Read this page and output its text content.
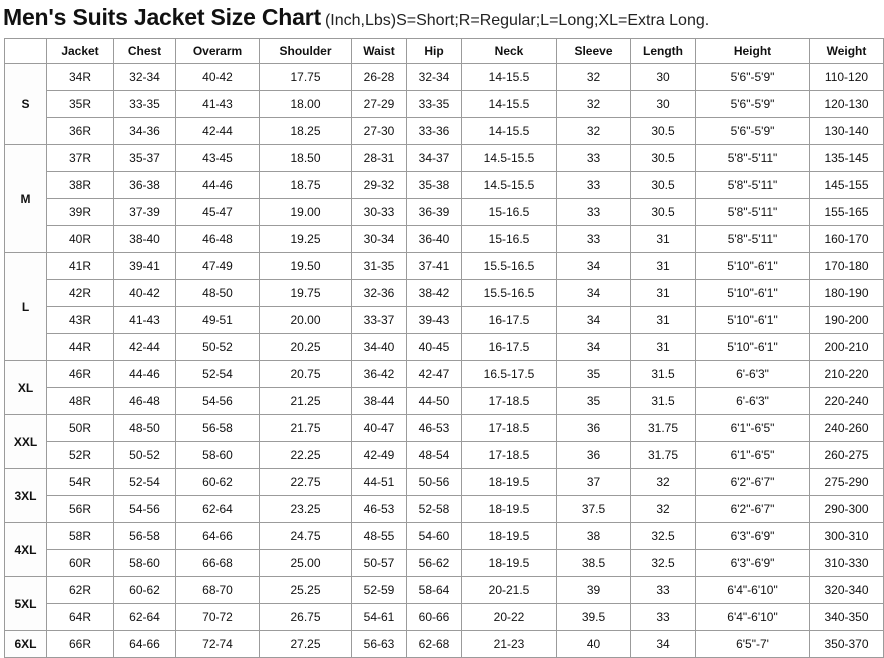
Men's Suits Jacket Size Chart (Inch,Lbs)S=Short;R=Regular;L=Long;XL=Extra Long.
	Jacket	Chest	Overarm	Shoulder	Waist	Hip	Neck	Sleeve	Length	Height	Weight
S	34R	32-34	40-42	17.75	26-28	32-34	14-15.5	32	30	5'6"-5'9"	110-120
	35R	33-35	41-43	18.00	27-29	33-35	14-15.5	32	30	5'6"-5'9"	120-130
	36R	34-36	42-44	18.25	27-30	33-36	14-15.5	32	30.5	5'6"-5'9"	130-140
M	37R	35-37	43-45	18.50	28-31	34-37	14.5-15.5	33	30.5	5'8"-5'11"	135-145
	38R	36-38	44-46	18.75	29-32	35-38	14.5-15.5	33	30.5	5'8"-5'11"	145-155
	39R	37-39	45-47	19.00	30-33	36-39	15-16.5	33	30.5	5'8"-5'11"	155-165
	40R	38-40	46-48	19.25	30-34	36-40	15-16.5	33	31	5'8"-5'11"	160-170
L	41R	39-41	47-49	19.50	31-35	37-41	15.5-16.5	34	31	5'10"-6'1"	170-180
	42R	40-42	48-50	19.75	32-36	38-42	15.5-16.5	34	31	5'10"-6'1"	180-190
	43R	41-43	49-51	20.00	33-37	39-43	16-17.5	34	31	5'10"-6'1"	190-200
	44R	42-44	50-52	20.25	34-40	40-45	16-17.5	34	31	5'10"-6'1"	200-210
XL	46R	44-46	52-54	20.75	36-42	42-47	16.5-17.5	35	31.5	6'-6'3"	210-220
	48R	46-48	54-56	21.25	38-44	44-50	17-18.5	35	31.5	6'-6'3"	220-240
XXL	50R	48-50	56-58	21.75	40-47	46-53	17-18.5	36	31.75	6'1"-6'5"	240-260
	52R	50-52	58-60	22.25	42-49	48-54	17-18.5	36	31.75	6'1"-6'5"	260-275
3XL	54R	52-54	60-62	22.75	44-51	50-56	18-19.5	37	32	6'2"-6'7"	275-290
	56R	54-56	62-64	23.25	46-53	52-58	18-19.5	37.5	32	6'2"-6'7"	290-300
4XL	58R	56-58	64-66	24.75	48-55	54-60	18-19.5	38	32.5	6'3"-6'9"	300-310
	60R	58-60	66-68	25.00	50-57	56-62	18-19.5	38.5	32.5	6'3"-6'9"	310-330
5XL	62R	60-62	68-70	25.25	52-59	58-64	20-21.5	39	33	6'4"-6'10"	320-340
	64R	62-64	70-72	26.75	54-61	60-66	20-22	39.5	33	6'4"-6'10"	340-350
6XL	66R	64-66	72-74	27.25	56-63	62-68	21-23	40	34	6'5"-7'	350-370
